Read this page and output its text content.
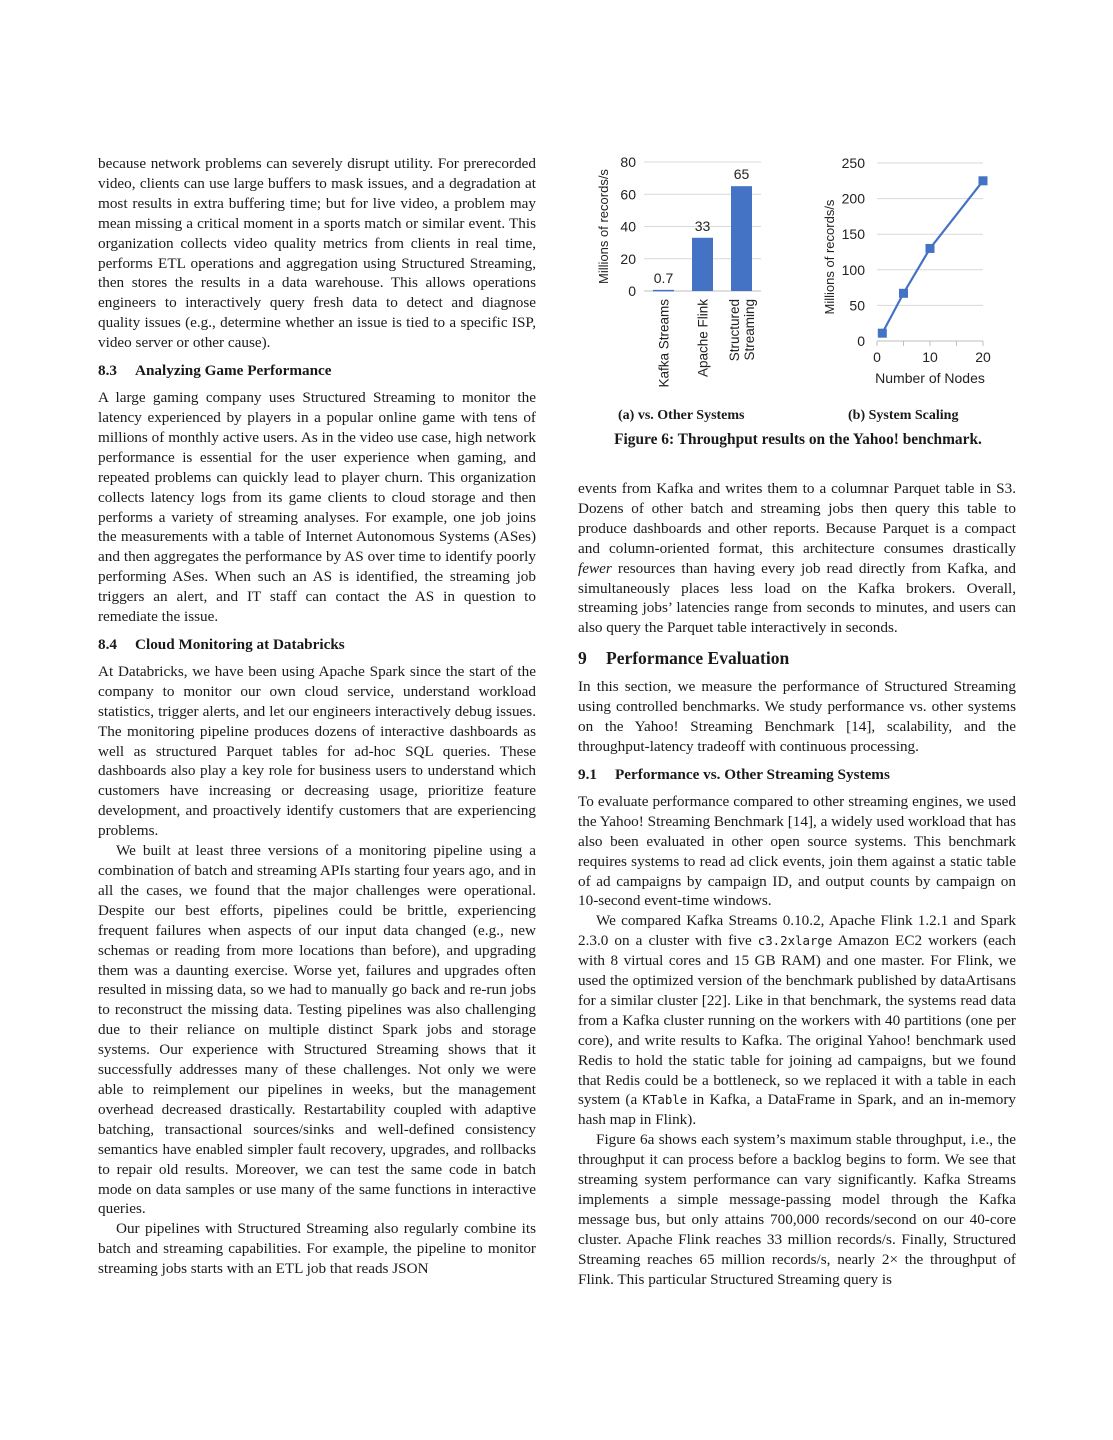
because network problems can severely disrupt utility. For prerecorded video, clients can use large buffers to mask issues, and a degradation at most results in extra buffering time; but for live video, a problem may mean missing a critical moment in a sports match or similar event. This organization collects video quality metrics from clients in real time, performs ETL operations and aggregation using Structured Streaming, then stores the results in a data warehouse. This allows operations engineers to interactively query fresh data to detect and diagnose quality issues (e.g., determine whether an issue is tied to a specific ISP, video server or other cause).

8.3 Analyzing Game Performance

A large gaming company uses Structured Streaming to monitor the latency experienced by players in a popular online game with tens of millions of monthly active users. As in the video use case, high network performance is essential for the user experience when gaming, and repeated problems can quickly lead to player churn. This organization collects latency logs from its game clients to cloud storage and then performs a variety of streaming analyses. For example, one job joins the measurements with a table of Internet Autonomous Systems (ASes) and then aggregates the performance by AS over time to identify poorly performing ASes. When such an AS is identified, the streaming job triggers an alert, and IT staff can contact the AS in question to remediate the issue.

8.4 Cloud Monitoring at Databricks

At Databricks, we have been using Apache Spark since the start of the company to monitor our own cloud service, understand workload statistics, trigger alerts, and let our engineers interactively debug issues. The monitoring pipeline produces dozens of interactive dashboards as well as structured Parquet tables for ad-hoc SQL queries. These dashboards also play a key role for business users to understand which customers have increasing or decreasing usage, prioritize feature development, and proactively identify customers that are experiencing problems.

We built at least three versions of a monitoring pipeline using a combination of batch and streaming APIs starting four years ago, and in all the cases, we found that the major challenges were operational. Despite our best efforts, pipelines could be brittle, experiencing frequent failures when aspects of our input data changed (e.g., new schemas or reading from more locations than before), and upgrading them was a daunting exercise. Worse yet, failures and upgrades often resulted in missing data, so we had to manually go back and re-run jobs to reconstruct the missing data. Testing pipelines was also challenging due to their reliance on multiple distinct Spark jobs and storage systems. Our experience with Structured Streaming shows that it successfully addresses many of these challenges. Not only we were able to reimplement our pipelines in weeks, but the management overhead decreased drastically. Restartability coupled with adaptive batching, transactional sources/sinks and well-defined consistency semantics have enabled simpler fault recovery, upgrades, and rollbacks to repair old results. Moreover, we can test the same code in batch mode on data samples or use many of the same functions in interactive queries.

Our pipelines with Structured Streaming also regularly combine its batch and streaming capabilities. For example, the pipeline to monitor streaming jobs starts with an ETL job that reads JSON

0
20
40
60
80
Millions of records/s	0.7
Kafka Streams
33
Apache Flink
65
Structured Streaming	0
50
100
150
200
250
0	10	20
Number of Nodes
Millions of records/s
(a) vs. Other Systems	(b) System Scaling
Figure 6: Throughput results on the Yahoo! benchmark.

events from Kafka and writes them to a columnar Parquet table in S3. Dozens of other batch and streaming jobs then query this table to produce dashboards and other reports. Because Parquet is a compact and column-oriented format, this architecture consumes drastically fewer resources than having every job read directly from Kafka, and simultaneously places less load on the Kafka brokers. Overall, streaming jobs’ latencies range from seconds to minutes, and users can also query the Parquet table interactively in seconds.

9 Performance Evaluation

In this section, we measure the performance of Structured Streaming using controlled benchmarks. We study performance vs. other systems on the Yahoo! Streaming Benchmark [14], scalability, and the throughput-latency tradeoff with continuous processing.

9.1 Performance vs. Other Streaming Systems

To evaluate performance compared to other streaming engines, we used the Yahoo! Streaming Benchmark [14], a widely used workload that has also been evaluated in other open source systems. This benchmark requires systems to read ad click events, join them against a static table of ad campaigns by campaign ID, and output counts by campaign on 10-second event-time windows.

We compared Kafka Streams 0.10.2, Apache Flink 1.2.1 and Spark 2.3.0 on a cluster with five c3.2xlarge Amazon EC2 workers (each with 8 virtual cores and 15 GB RAM) and one master. For Flink, we used the optimized version of the benchmark published by dataArtisans for a similar cluster [22]. Like in that benchmark, the systems read data from a Kafka cluster running on the workers with 40 partitions (one per core), and write results to Kafka. The original Yahoo! benchmark used Redis to hold the static table for joining ad campaigns, but we found that Redis could be a bottleneck, so we replaced it with a table in each system (a KTable in Kafka, a DataFrame in Spark, and an in-memory hash map in Flink).

Figure 6a shows each system’s maximum stable throughput, i.e., the throughput it can process before a backlog begins to form. We see that streaming system performance can vary significantly. Kafka Streams implements a simple message-passing model through the Kafka message bus, but only attains 700,000 records/second on our 40-core cluster. Apache Flink reaches 33 million records/s. Finally, Structured Streaming reaches 65 million records/s, nearly 2× the throughput of Flink. This particular Structured Streaming query is
